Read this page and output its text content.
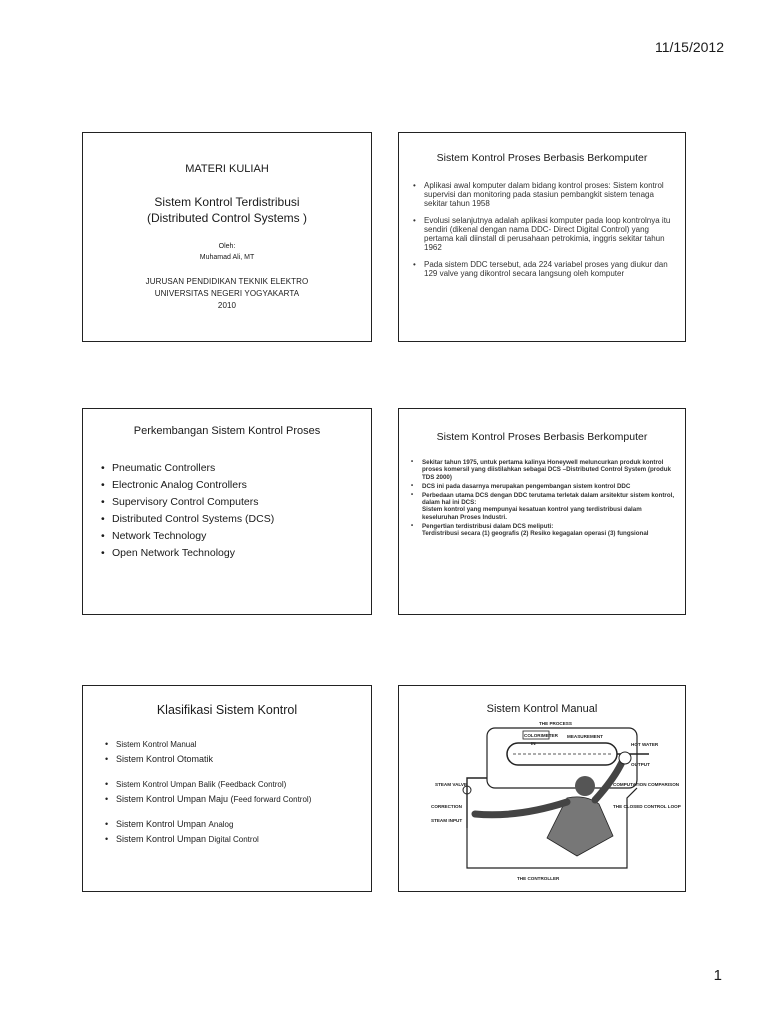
11/15/2012
MATERI KULIAH
Sistem Kontrol Terdistribusi
(Distributed Control Systems )
Oleh:
Muhamad Ali, MT
JURUSAN PENDIDIKAN TEKNIK ELEKTRO
UNIVERSITAS NEGERI YOGYAKARTA
2010
Sistem Kontrol Proses Berbasis Berkomputer
• Aplikasi awal komputer dalam bidang kontrol proses: Sistem kontrol supervisi dan monitoring pada stasiun pembangkit sistem tenaga sekitar tahun 1958
• Evolusi selanjutnya adalah aplikasi komputer pada loop kontrolnya itu sendiri (dikenal dengan nama DDC- Direct Digital Control) yang pertama kali diinstall di perusahaan petrokimia, inggris sekitar tahun 1962
• Pada sistem DDC tersebut, ada 224 variabel proses yang diukur dan 129 valve yang dikontrol secara langsung oleh komputer
Perkembangan Sistem Kontrol Proses
• Pneumatic Controllers
• Electronic Analog Controllers
• Supervisory Control Computers
• Distributed Control Systems (DCS)
• Network Technology
• Open Network Technology
Sistem Kontrol Proses Berbasis Berkomputer
• Sekitar tahun 1975, untuk pertama kalinya Honeywell meluncurkan produk kontrol proses komersil yang diistilahkan sebagai DCS –Distributed Control System (produk TDS 2000)
• DCS ini pada dasarnya merupakan pengembangan sistem kontrol DDC
• Perbedaan utama DCS dengan DDC terutama terletak dalam arsitektur sistem kontrol, dalam hal ini DCS:
Sistem kontrol yang mempunyai kesatuan kontrol yang terdistribusi dalam keseluruhan Proses Industri.
• Pengertian terdistribusi dalam DCS meliputi:
Terdistribusi secara (1) geografis (2) Resiko kegagalan operasi (3) fungsional
Klasifikasi Sistem Kontrol
• Sistem Kontrol Manual
• Sistem Kontrol Otomatik
• Sistem Kontrol Umpan Balik (Feedback Control)
• Sistem Kontrol Umpan Maju (Feed forward Control)
• Sistem Kontrol Umpan Analog
• Sistem Kontrol Umpan Digital Control
Sistem Kontrol Manual
THE PROCESS
COLORIMETER
IN
MEASUREMENT
STEAM VALVE
HOT WATER
OUTPUT
CORRECTION
COMPUTATION COMPARISON
STEAM INPUT
THE CLOSED CONTROL LOOP
THE CONTROLLER
1
